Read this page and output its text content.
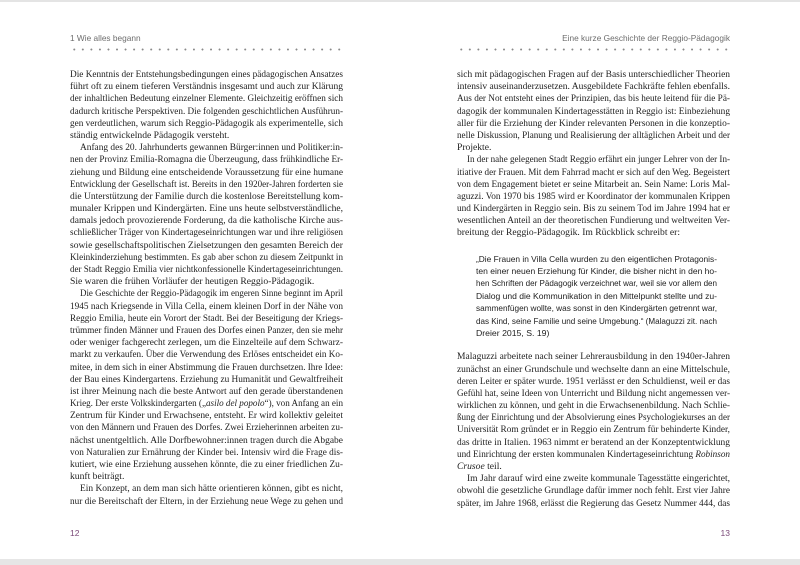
1 Wie alles begann
Die Kenntnis der Entstehungsbedingungen eines pädagogischen Ansatzes
führt oft zu einem tieferen Verständnis insgesamt und auch zur Klärung
der inhaltlichen Bedeutung einzelner Elemente. Gleichzeitig eröffnen sich
dadurch kritische Perspektiven. Die folgenden geschichtlichen Ausführun-
gen verdeutlichen, warum sich Reggio-Pädagogik als experimentelle, sich
ständig entwickelnde Pädagogik versteht.
Anfang des 20. Jahrhunderts gewannen Bürger:innen und Politiker:in-
nen der Provinz Emilia-Romagna die Überzeugung, dass frühkindliche Er-
ziehung und Bildung eine entscheidende Voraussetzung für eine humane
Entwicklung der Gesellschaft ist. Bereits in den 1920er-Jahren forderten sie
die Unterstützung der Familie durch die kostenlose Bereitstellung kom-
munaler Krippen und Kindergärten. Eine uns heute selbstverständliche,
damals jedoch provozierende Forderung, da die katholische Kirche aus-
schließlicher Träger von Kindertageseinrichtungen war und ihre religiösen
sowie gesellschaftspolitischen Zielsetzungen den gesamten Bereich der
Kleinkinderziehung bestimmten. Es gab aber schon zu diesem Zeitpunkt in
der Stadt Reggio Emilia vier nichtkonfessionelle Kindertageseinrichtungen.
Sie waren die frühen Vorläufer der heutigen Reggio-Pädagogik.
Die Geschichte der Reggio-Pädagogik im engeren Sinne beginnt im April
1945 nach Kriegsende in Villa Cella, einem kleinen Dorf in der Nähe von
Reggio Emilia, heute ein Vorort der Stadt. Bei der Beseitigung der Kriegs-
trümmer finden Männer und Frauen des Dorfes einen Panzer, den sie mehr
oder weniger fachgerecht zerlegen, um die Einzelteile auf dem Schwarz-
markt zu verkaufen. Über die Verwendung des Erlöses entscheidet ein Ko-
mitee, in dem sich in einer Abstimmung die Frauen durchsetzen. Ihre Idee:
der Bau eines Kindergartens. Erziehung zu Humanität und Gewaltfreiheit
ist ihrer Meinung nach die beste Antwort auf den gerade überstandenen
Krieg. Der erste Volkskindergarten („asilo del popolo“), von Anfang an ein
Zentrum für Kinder und Erwachsene, entsteht. Er wird kollektiv geleitet
von den Männern und Frauen des Dorfes. Zwei Erzieherinnen arbeiten zu-
nächst unentgeltlich. Alle Dorfbewohner:innen tragen durch die Abgabe
von Naturalien zur Ernährung der Kinder bei. Intensiv wird die Frage dis-
kutiert, wie eine Erziehung aussehen könnte, die zu einer friedlichen Zu-
kunft beiträgt.
Ein Konzept, an dem man sich hätte orientieren können, gibt es nicht,
nur die Bereitschaft der Eltern, in der Erziehung neue Wege zu gehen und
12
Eine kurze Geschichte der Reggio-Pädagogik
sich mit pädagogischen Fragen auf der Basis unterschiedlicher Theorien
intensiv auseinanderzusetzen. Ausgebildete Fachkräfte fehlen ebenfalls.
Aus der Not entsteht eines der Prinzipien, das bis heute leitend für die Pä-
dagogik der kommunalen Kindertagesstätten in Reggio ist: Einbeziehung
aller für die Erziehung der Kinder relevanten Personen in die konzeptio-
nelle Diskussion, Planung und Realisierung der alltäglichen Arbeit und der
Projekte.
In der nahe gelegenen Stadt Reggio erfährt ein junger Lehrer von der In-
itiative der Frauen. Mit dem Fahrrad macht er sich auf den Weg. Begeistert
von dem Engagement bietet er seine Mitarbeit an. Sein Name: Loris Mal-
aguzzi. Von 1970 bis 1985 wird er Koordinator der kommunalen Krippen
und Kindergärten in Reggio sein. Bis zu seinem Tod im Jahre 1994 hat er
wesentlichen Anteil an der theoretischen Fundierung und weltweiten Ver-
breitung der Reggio-Pädagogik. Im Rückblick schreibt er:
„Die Frauen in Villa Cella wurden zu den eigentlichen Protagonis-
ten einer neuen Erziehung für Kinder, die bisher nicht in den ho-
hen Schriften der Pädagogik verzeichnet war, weil sie vor allem den
Dialog und die Kommunikation in den Mittelpunkt stellte und zu-
sammenfügen wollte, was sonst in den Kindergärten getrennt war,
das Kind, seine Familie und seine Umgebung.“ (Malaguzzi zit. nach
Dreier 2015, S. 19)
Malaguzzi arbeitete nach seiner Lehrerausbildung in den 1940er-Jahren
zunächst an einer Grundschule und wechselte dann an eine Mittelschule,
deren Leiter er später wurde. 1951 verlässt er den Schuldienst, weil er das
Gefühl hat, seine Ideen von Unterricht und Bildung nicht angemessen ver-
wirklichen zu können, und geht in die Erwachsenenbildung. Nach Schlie-
ßung der Einrichtung und der Absolvierung eines Psychologiekurses an der
Universität Rom gründet er in Reggio ein Zentrum für behinderte Kinder,
das dritte in Italien. 1963 nimmt er beratend an der Konzeptentwicklung
und Einrichtung der ersten kommunalen Kindertageseinrichtung Robinson
Crusoe teil.
Im Jahr darauf wird eine zweite kommunale Tagesstätte eingerichtet,
obwohl die gesetzliche Grundlage dafür immer noch fehlt. Erst vier Jahre
später, im Jahre 1968, erlässt die Regierung das Gesetz Nummer 444, das
13
